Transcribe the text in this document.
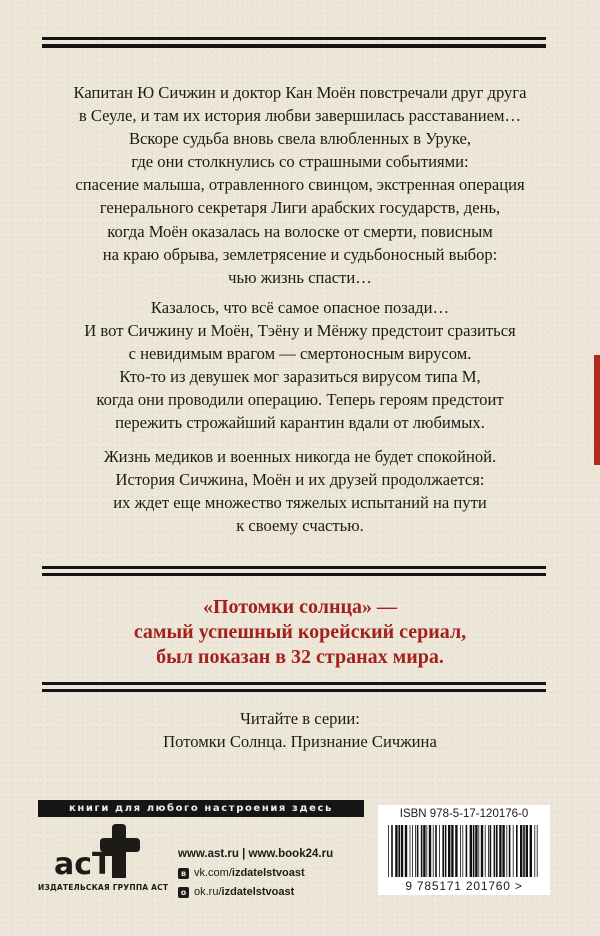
Капитан Ю Сичжин и доктор Кан Моён повстречали друг друга
в Сеуле, и там их история любви завершилась расставанием…
Вскоре судьба вновь свела влюбленных в Уруке,
где они столкнулись со страшными событиями:
спасение малыша, отравленного свинцом, экстренная операция
генерального секретаря Лиги арабских государств, день,
когда Моён оказалась на волоске от смерти, повисным
на краю обрыва, землетрясение и судьбоносный выбор:
чью жизнь спасти…
Казалось, что всё самое опасное позади…
И вот Сичжину и Моён, Тэёну и Мёнжу предстоит сразиться
с невидимым врагом — смертоносным вирусом.
Кто-то из девушек мог заразиться вирусом типа М,
когда они проводили операцию. Теперь героям предстоит
пережить строжайший карантин вдали от любимых.
Жизнь медиков и военных никогда не будет спокойной.
История Сичжина, Моён и их друзей продолжается:
их ждет еще множество тяжелых испытаний на пути
к своему счастью.
«Потомки солнца» —
самый успешный корейский сериал,
был показан в 32 странах мира.
Читайте в серии:
Потомки Солнца. Признание Сичжина
книги для любого настроения здесь
acT
ИЗДАТЕЛЬСКАЯ ГРУППА АСТ
www.ast.ru | www.book24.ru
в vk.com/ izdatelstvoast
о ok.ru/ izdatelstvoast
ISBN 978-5-17-120176-0
9 785171 201760 >
